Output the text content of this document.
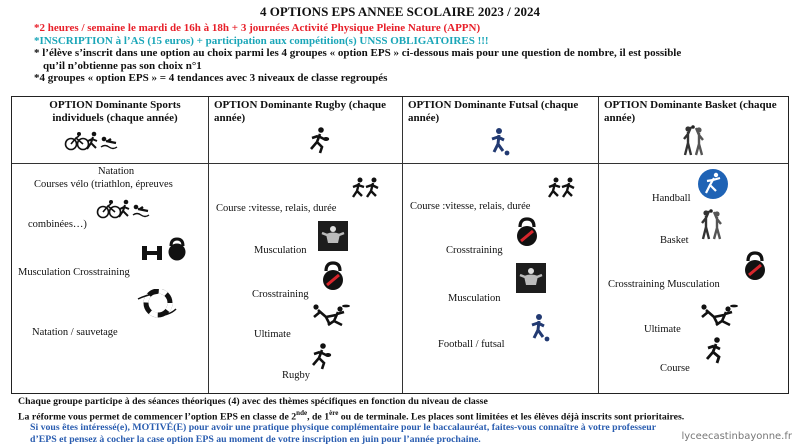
4 OPTIONS EPS ANNEE SCOLAIRE 2023 / 2024
*2 heures / semaine le mardi de 16h à 18h + 3 journées Activité Physique Pleine Nature (APPN)
*INSCRIPTION à l’AS (15 euros) + participation aux compétition(s) UNSS OBLIGATOIRES !!!
* l’élève s’inscrit dans une option au choix parmi les 4 groupes « option EPS » ci-dessous mais pour une question de nombre, il est possible
qu’il n’obtienne pas son choix n°1
*4 groupes « option EPS » = 4 tendances avec 3 niveaux de classe regroupés
OPTION Dominante Sports individuels (chaque année)
Natation
Courses vélo (triathlon, épreuves
combinées…)
Musculation Crosstraining
Natation / sauvetage
OPTION Dominante Rugby (chaque année)
Course :vitesse, relais, durée
Musculation
Crosstraining
Ultimate
Rugby
OPTION Dominante Futsal (chaque année)
Course :vitesse, relais, durée
Crosstraining
Musculation
Football / futsal
OPTION Dominante Basket (chaque année)
Handball
Basket
Crosstraining Musculation
Ultimate
Course
Chaque groupe participe à des séances théoriques (4) avec des thèmes spécifiques en fonction du niveau de classe
La réforme vous permet de commencer l’option EPS en classe de 2nde, de 1ère ou de terminale. Les places sont limitées et les élèves déjà inscrits sont prioritaires.
Si vous êtes intéressé(e), MOTIVÉ(E) pour avoir une pratique physique complémentaire pour le baccalauréat, faites-vous connaître à votre professeur
d’EPS et pensez à cocher la case option EPS au moment de votre inscription en juin pour l’année prochaine.	lyceecastinbayonne.fr
